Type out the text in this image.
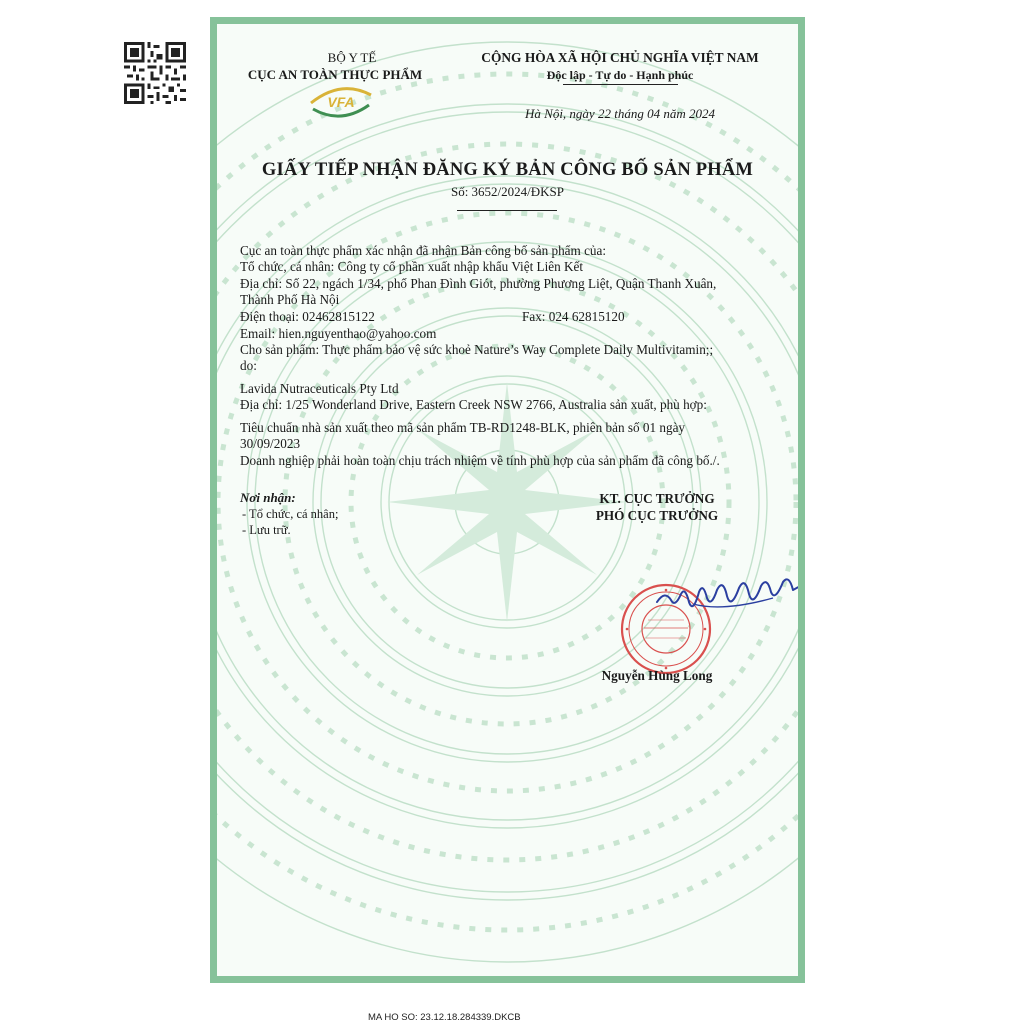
BỘ Y TẾ
CỤC AN TOÀN THỰC PHẨM
VFA
CỘNG HÒA XÃ HỘI CHỦ NGHĨA VIỆT NAM
Độc lập - Tự do - Hạnh phúc
Hà Nội, ngày 22 tháng 04 năm 2024
GIẤY TIẾP NHẬN ĐĂNG KÝ BẢN CÔNG BỐ SẢN PHẨM
Số: 3652/2024/ĐKSP
Cục an toàn thực phẩm xác nhận đã nhận Bản công bố sản phẩm của:
Tổ chức, cá nhân: Công ty cổ phần xuất nhập khẩu Việt Liên Kết
Địa chỉ: Số 22, ngách 1/34, phố Phan Đình Giót, phường Phương Liệt, Quận Thanh Xuân,
Thành Phố Hà Nội
Điện thoại: 02462815122	Fax: 024 62815120
Email: hien.nguyenthao@yahoo.com
Cho sản phẩm: Thực phẩm bảo vệ sức khoẻ Nature’s Way Complete Daily Multivitamin;;
do:
Lavida Nutraceuticals Pty Ltd
Địa chỉ: 1/25 Wonderland Drive, Eastern Creek NSW 2766, Australia sản xuất, phù hợp:
Tiêu chuẩn nhà sản xuất theo mã sản phẩm TB-RD1248-BLK, phiên bản số 01 ngày
30/09/2023
Doanh nghiệp phải hoàn toàn chịu trách nhiệm về tính phù hợp của sản phẩm đã công bố./.
Nơi nhận:
- Tổ chức, cá nhân;
- Lưu trữ.
KT. CỤC TRƯỞNG
PHÓ CỤC TRƯỞNG
Nguyễn Hùng Long
MA HO SO: 23.12.18.284339.DKCB
